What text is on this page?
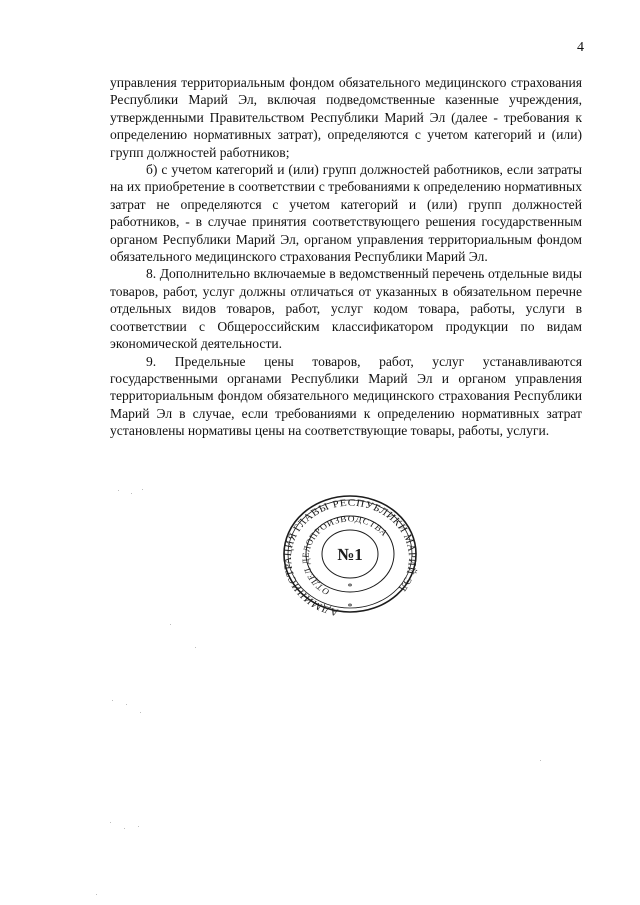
4

управления территориальным фондом обязательного медицинского страхования Республики Марий Эл, включая подведомственные казенные учреждения, утвержденными Правительством Республики Марий Эл (далее - требования к определению нормативных затрат), определяются с учетом категорий и (или) групп должностей работников;

б) с учетом категорий и (или) групп должностей работников, если затраты на их приобретение в соответствии с требованиями к определению нормативных затрат не определяются с учетом категорий и (или) групп должностей работников, - в случае принятия соответствующего решения государственным органом Республики Марий Эл, органом управления территориальным фондом обязательного медицинского страхования Республики Марий Эл.

8. Дополнительно включаемые в ведомственный перечень отдельные виды товаров, работ, услуг должны отличаться от указанных в обязательном перечне отдельных видов товаров, работ, услуг кодом товара, работы, услуги в соответствии с Общероссийским классификатором продукции по видам экономической деятельности.

9. Предельные цены товаров, работ, услуг устанавливаются государственными органами Республики Марий Эл и органом управления территориальным фондом обязательного медицинского страхования Республики Марий Эл в случае, если требованиями к определению нормативных затрат установлены нормативы цены на соответствующие товары, работы, услуги.

АДМИНИСТРАЦИЯ ГЛАВЫ РЕСПУБЛИКИ МАРИЙ ЭЛ
ОТДЕЛ ДЕЛОПРОИЗВОДСТВА
№1
*
*
